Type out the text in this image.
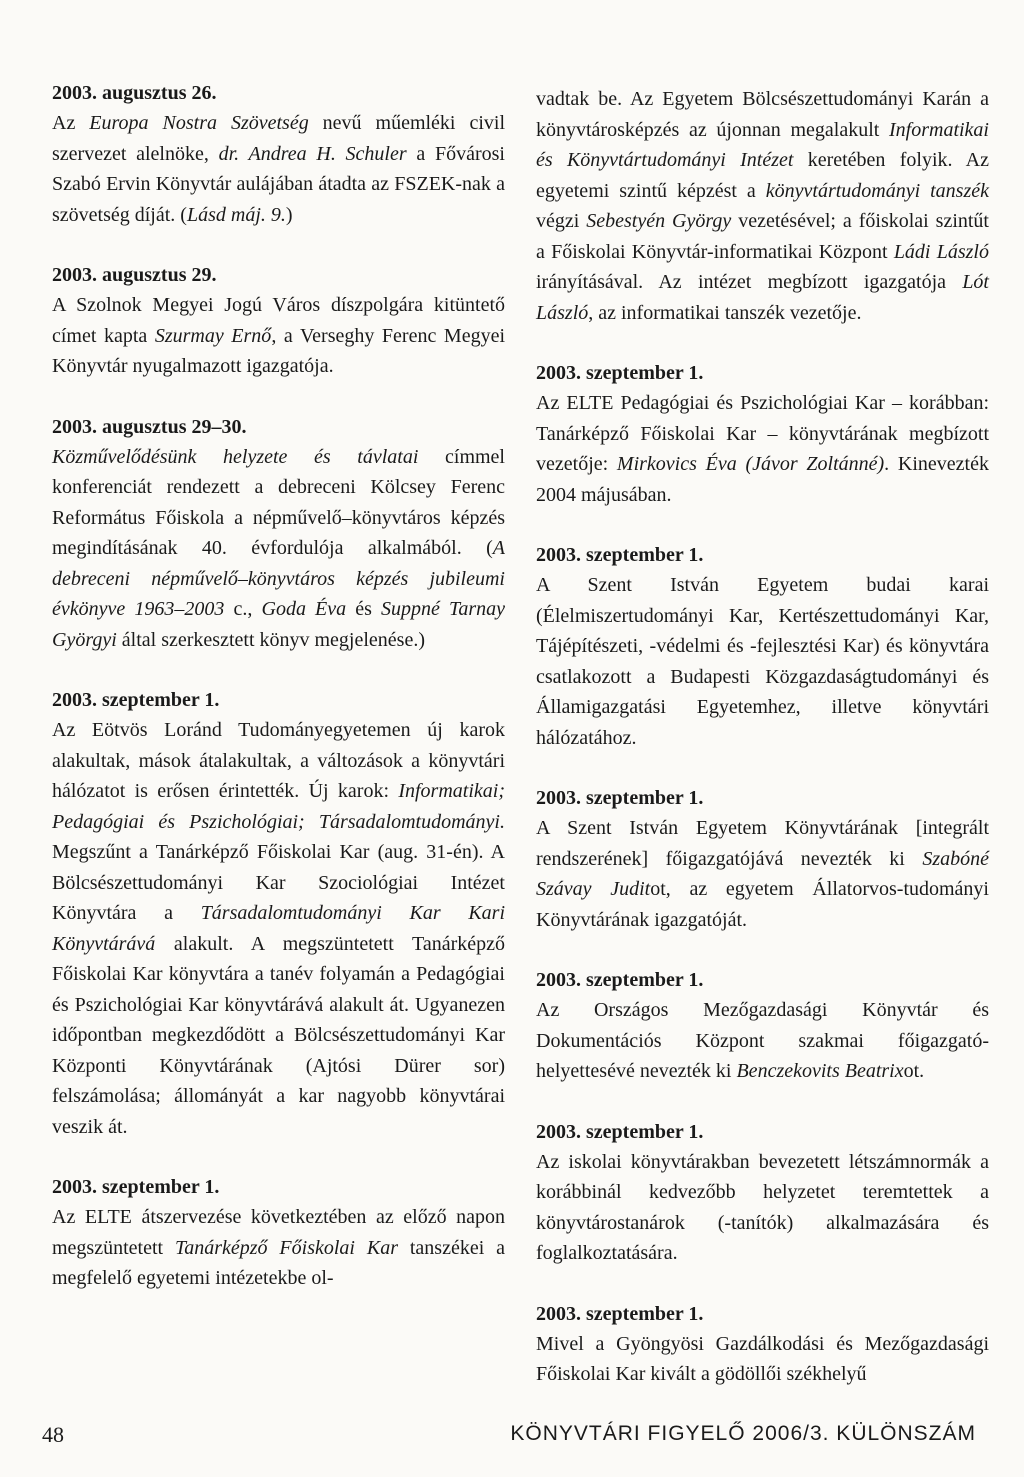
2003. augusztus 26.

Az Europa Nostra Szövetség nevű műemléki civil szervezet alelnöke, dr. Andrea H. Schuler a Fővárosi Szabó Ervin Könyvtár aulájában átadta az FSZEK-nak a szövetség díját. (Lásd máj. 9.)

2003. augusztus 29.

A Szolnok Megyei Jogú Város díszpolgára kitüntető címet kapta Szurmay Ernő, a Verseghy Ferenc Megyei Könyvtár nyugalmazott igazgatója.

2003. augusztus 29–30.

Közművelődésünk helyzete és távlatai címmel konferenciát rendezett a debreceni Kölcsey Ferenc Református Főiskola a népművelő–könyvtáros képzés megindításának 40. évfordulója alkalmából. (A debreceni népművelő–könyvtáros képzés jubileumi évkönyve 1963–2003 c., Goda Éva és Suppné Tarnay Györgyi által szerkesztett könyv megjelenése.)

2003. szeptember 1.

Az Eötvös Loránd Tudományegyetemen új karok alakultak, mások átalakultak, a változások a könyvtári hálózatot is erősen érintették. Új karok: Informatikai; Pedagógiai és Pszichológiai; Társadalomtudományi. Megszűnt a Tanárképző Főiskolai Kar (aug. 31-én). A Bölcsészettudományi Kar Szociológiai Intézet Könyvtára a Társadalomtudományi Kar Kari Könyvtárává alakult. A megszüntetett Tanárképző Főiskolai Kar könyvtára a tanév folyamán a Pedagógiai és Pszichológiai Kar könyvtárává alakult át. Ugyanezen időpontban megkezdődött a Bölcsészettudományi Kar Központi Könyvtárának (Ajtósi Dürer sor) felszámolása; állományát a kar nagyobb könyvtárai veszik át.

2003. szeptember 1.

Az ELTE átszervezése következtében az előző napon megszüntetett Tanárképző Főiskolai Kar tanszékei a megfelelő egyetemi intézetekbe ol-

vadtak be. Az Egyetem Bölcsészettudományi Karán a könyvtárosképzés az újonnan megalakult Informatikai és Könyvtártudományi Intézet keretében folyik. Az egyetemi szintű képzést a könyvtártudományi tanszék végzi Sebestyén György vezetésével; a főiskolai szintűt a Főiskolai Könyvtár-informatikai Központ Ládi László irányításával. Az intézet megbízott igazgatója Lót László, az informatikai tanszék vezetője.

2003. szeptember 1.

Az ELTE Pedagógiai és Pszichológiai Kar – korábban: Tanárképző Főiskolai Kar – könyvtárának megbízott vezetője: Mirkovics Éva (Jávor Zoltánné). Kinevezték 2004 májusában.

2003. szeptember 1.

A Szent István Egyetem budai karai (Élelmiszertudományi Kar, Kertészettudományi Kar, Tájépítészeti, -védelmi és -fejlesztési Kar) és könyvtára csatlakozott a Budapesti Közgazdaságtudományi és Államigazgatási Egyetemhez, illetve könyvtári hálózatához.

2003. szeptember 1.

A Szent István Egyetem Könyvtárának [integrált rendszerének] főigazgatójává nevezték ki Szabóné Szávay Juditot, az egyetem Állatorvos-tudományi Könyvtárának igazgatóját.

2003. szeptember 1.

Az Országos Mezőgazdasági Könyvtár és Dokumentációs Központ szakmai főigazgató-helyettesévé nevezték ki Benczekovits Beatrixot.

2003. szeptember 1.

Az iskolai könyvtárakban bevezetett létszámnormák a korábbinál kedvezőbb helyzetet teremtettek a könyvtárostanárok (-tanítók) alkalmazására és foglalkoztatására.

2003. szeptember 1.

Mivel a Gyöngyösi Gazdálkodási és Mezőgazdasági Főiskolai Kar kivált a gödöllői székhelyű

48	KÖNYVTÁRI FIGYELŐ 2006/3. KÜLÖNSZÁM
